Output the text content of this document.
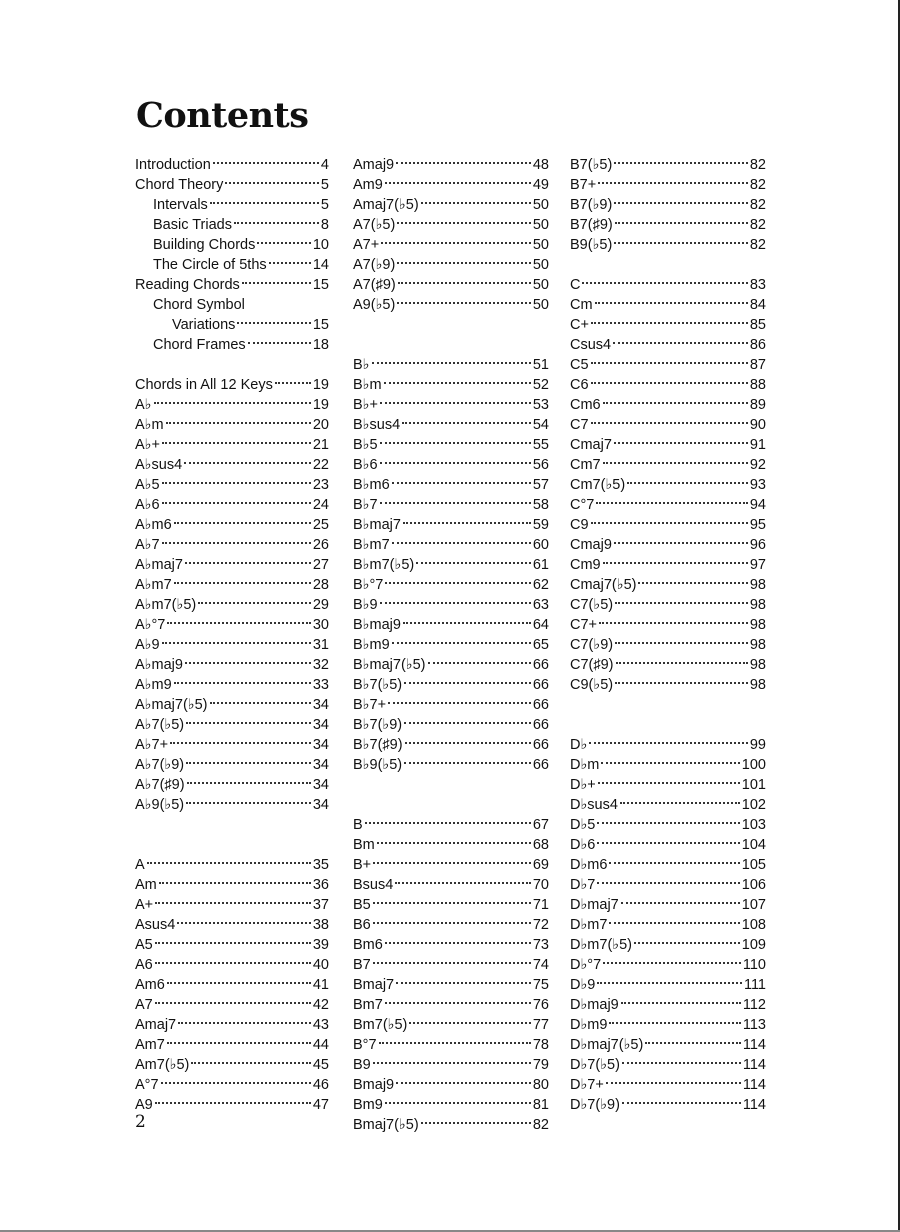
Contents
Introduction	4
Chord Theory	5
Intervals	5
Basic Triads	8
Building Chords	10
The Circle of 5ths	14
Reading Chords	15
Chord Symbol
Variations	15
Chord Frames	18
Chords in All 12 Keys	19
A♭	19
A♭m	20
A♭+	21
A♭sus4	22
A♭5	23
A♭6	24
A♭m6	25
A♭7	26
A♭maj7	27
A♭m7	28
A♭m7(♭5)	29
A♭°7	30
A♭9	31
A♭maj9	32
A♭m9	33
A♭maj7(♭5)	34
A♭7(♭5)	34
A♭7+	34
A♭7(♭9)	34
A♭7(♯9)	34
A♭9(♭5)	34
A	35
Am	36
A+	37
Asus4	38
A5	39
A6	40
Am6	41
A7	42
Amaj7	43
Am7	44
Am7(♭5)	45
A°7	46
A9	47
Amaj9	48
Am9	49
Amaj7(♭5)	50
A7(♭5)	50
A7+	50
A7(♭9)	50
A7(♯9)	50
A9(♭5)	50
B♭	51
B♭m	52
B♭+	53
B♭sus4	54
B♭5	55
B♭6	56
B♭m6	57
B♭7	58
B♭maj7	59
B♭m7	60
B♭m7(♭5)	61
B♭°7	62
B♭9	63
B♭maj9	64
B♭m9	65
B♭maj7(♭5)	66
B♭7(♭5)	66
B♭7+	66
B♭7(♭9)	66
B♭7(♯9)	66
B♭9(♭5)	66
B	67
Bm	68
B+	69
Bsus4	70
B5	71
B6	72
Bm6	73
B7	74
Bmaj7	75
Bm7	76
Bm7(♭5)	77
B°7	78
B9	79
Bmaj9	80
Bm9	81
Bmaj7(♭5)	82
B7(♭5)	82
B7+	82
B7(♭9)	82
B7(♯9)	82
B9(♭5)	82
C	83
Cm	84
C+	85
Csus4	86
C5	87
C6	88
Cm6	89
C7	90
Cmaj7	91
Cm7	92
Cm7(♭5)	93
C°7	94
C9	95
Cmaj9	96
Cm9	97
Cmaj7(♭5)	98
C7(♭5)	98
C7+	98
C7(♭9)	98
C7(♯9)	98
C9(♭5)	98
D♭	99
D♭m	100
D♭+	101
D♭sus4	102
D♭5	103
D♭6	104
D♭m6	105
D♭7	106
D♭maj7	107
D♭m7	108
D♭m7(♭5)	109
D♭°7	110
D♭9	111
D♭maj9	112
D♭m9	113
D♭maj7(♭5)	114
D♭7(♭5)	114
D♭7+	114
D♭7(♭9)	114
2
